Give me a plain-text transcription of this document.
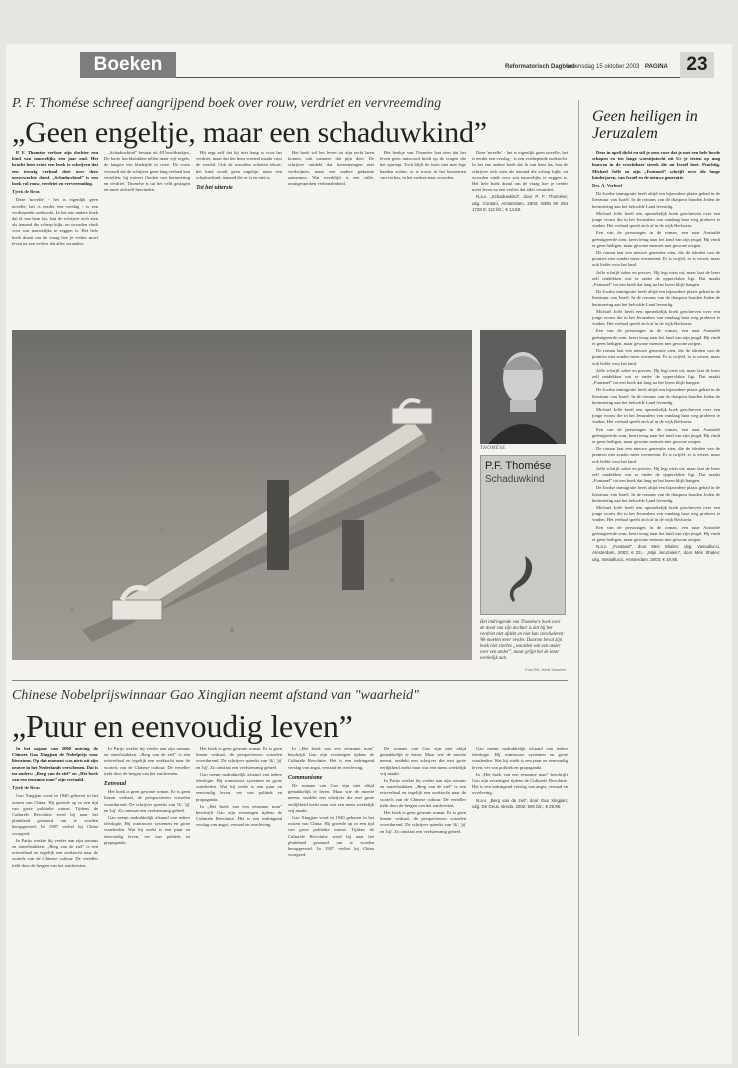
Boeken	Reformatorisch Dagblad
woensdag 15 oktober 2003 PAGINA 23
P. F. Thomése schreef aangrijpend boek over rouw, verdriet en vervreemding
„Geen engeltje, maar een schaduwkind”

P. F. Thomése verloor zijn dochter een kind van nauwelijks een jaar oud. Het bracht hem ertoe een boek te schrijven dat een treurig verhaal doet over deze onverwachte dood. „Schaduwkind” is een boek vol rouw, verdriet en vervreemding.

Tjerk de Reus

Deze 'novelle' - het is eigenlijk geen novelle, het is eerder een verslag - is een verdiepende zoektocht. In het ene andere boek dat ik van hem las, laat de schrijver zich zien als iemand die scherp kijkt, en woorden vindt voor wat nauwelijks te zeggen is. Het hele boek draait om de vraag hoe je verder moet leven na een verlies dat alles verandert.

„Schaduwkind” bestaat uit 49 hoofdstukjes. De korte hoofdstukken tellen maar vijf regels, de langste een bladzijde of twee. De vorm verraadt dat de schrijver geen lang verhaal kan vertellen; hij noteert flarden van herinnering en verdriet. Thomése is uit het veld geslagen en moet zichzelf hervinden.

Hij zegt zelf dat hij niet bang is voor het verdriet, maar dat het hem vreemd maakt voor de wereld. Ook de woorden schieten tekort: het kind wordt geen engeltje, maar een schaduwkind, iemand die er is en niet is.

Tot het uiterste

Het boek wil het leven tot zijn recht laten komen, ook wanneer dat pijn doet. De schrijver ontdekt dat herinneringen niet verdwijnen, maar een andere gedaante aannemen. Wat overblijft is een stille, onuitgesproken verbondenheid.

Het boekje van Thomése laat zien dat het leven geen antwoord biedt op de vragen die het oproept. Toch blijft de lezer niet met lege handen achter: er is troost in het benoemen van verlies, in het zoeken naar woorden.

Deze 'novelle' - het is eigenlijk geen novelle, het is eerder een verslag - is een verdiepende zoektocht. In het ene andere boek dat ik van hem las, laat de schrijver zich zien als iemand die scherp kijkt, en woorden vindt voor wat nauwelijks te zeggen is. Het hele boek draait om de vraag hoe je verder moet leven na een verlies dat alles verandert.

N.a.v. „Schaduwkind”, door P. F. Thomése; uitg. Contact, Amsterdam, 2003; ISBN 90 254 1728 0; 112 blz.; € 14,50.

THOMÉSE
P.F. Thomése
Schaduwkind
Het indringende van Thomése’s boek over de dood van zijn dochter is dat hij het verdriet niet afdekt en niet kan concluderen: We moeten weer verder. Daarom beval zijn boek niet slechts „woorden van een ander over een ander”, maar grijpt het de lezer werkelijk aan.
Foto RD, Henk Visscher
Geen heiligen in Jeruzalem

Deze in april dicht en stil je eens voor dat je met een hele horde schapen en ten lange woestijntocht uit Ur je testen op mag bouwen in de vruchtbare streek die nu Israël heet. Prachtig. Michael Joffe en zijn „Fontanel” schrijft over die lange kinderjaren, van Israël en de nieuwe generatie.

Drs. A. Verhoef

De Joodse immigratie heeft altijd een bijzondere plaats gehad in de literatuur van Israël. In de romans van de diaspora houden Joden de herinnering aan het beloofde Land levendig.

Michael Joffe heeft een opmerkelijk boek geschreven over een jonge vrouw die in het Jeruzalem van vandaag haar weg probeert te vinden. Het verhaal speelt zich af in de wijk Rechavia.

Een van de personages in de roman, een naar Australië geëmigreerde oom, keert terug naar het land van zijn jeugd. Hij vindt er geen heiligen, maar gewone mensen met gewone zorgen.

De roman laat een nieuwe generatie zien, die de idealen van de pioniers niet zonder meer overneemt. Er is twijfel, er is verzet, maar ook liefde voor het land.

Joffe schrijft sober en precies. Hij legt niets uit, maar laat de lezer zelf ontdekken wat er onder de oppervlakte ligt. Dat maakt „Fontanel” tot een boek dat lang na het lezen blijft hangen.

De Joodse immigratie heeft altijd een bijzondere plaats gehad in de literatuur van Israël. In de romans van de diaspora houden Joden de herinnering aan het beloofde Land levendig.

Michael Joffe heeft een opmerkelijk boek geschreven over een jonge vrouw die in het Jeruzalem van vandaag haar weg probeert te vinden. Het verhaal speelt zich af in de wijk Rechavia.

Een van de personages in de roman, een naar Australië geëmigreerde oom, keert terug naar het land van zijn jeugd. Hij vindt er geen heiligen, maar gewone mensen met gewone zorgen.

De roman laat een nieuwe generatie zien, die de idealen van de pioniers niet zonder meer overneemt. Er is twijfel, er is verzet, maar ook liefde voor het land.

Joffe schrijft sober en precies. Hij legt niets uit, maar laat de lezer zelf ontdekken wat er onder de oppervlakte ligt. Dat maakt „Fontanel” tot een boek dat lang na het lezen blijft hangen.

De Joodse immigratie heeft altijd een bijzondere plaats gehad in de literatuur van Israël. In de romans van de diaspora houden Joden de herinnering aan het beloofde Land levendig.

Michael Joffe heeft een opmerkelijk boek geschreven over een jonge vrouw die in het Jeruzalem van vandaag haar weg probeert te vinden. Het verhaal speelt zich af in de wijk Rechavia.

Een van de personages in de roman, een naar Australië geëmigreerde oom, keert terug naar het land van zijn jeugd. Hij vindt er geen heiligen, maar gewone mensen met gewone zorgen.

De roman laat een nieuwe generatie zien, die de idealen van de pioniers niet zonder meer overneemt. Er is twijfel, er is verzet, maar ook liefde voor het land.

Joffe schrijft sober en precies. Hij legt niets uit, maar laat de lezer zelf ontdekken wat er onder de oppervlakte ligt. Dat maakt „Fontanel” tot een boek dat lang na het lezen blijft hangen.

De Joodse immigratie heeft altijd een bijzondere plaats gehad in de literatuur van Israël. In de romans van de diaspora houden Joden de herinnering aan het beloofde Land levendig.

Michael Joffe heeft een opmerkelijk boek geschreven over een jonge vrouw die in het Jeruzalem van vandaag haar weg probeert te vinden. Het verhaal speelt zich af in de wijk Rechavia.

Een van de personages in de roman, een naar Australië geëmigreerde oom, keert terug naar het land van zijn jeugd. Hij vindt er geen heiligen, maar gewone mensen met gewone zorgen.

N.a.v. „Fontanel”, door Meir Shalev; uitg. Vassallucci, Amsterdam, 2003; € 23,-. „Mijn Jeruzalem”, door Meir Shalev; uitg. Vassallucci, Amsterdam, 2003; € 19,95.

Chinese Nobelprijswinnaar Gao Xingjian neemt afstand van "waarheid"
„Puur en eenvoudig leven”

In het najaar van 2000 ontving de Chinees Gao Xingjian de Nobelprijs voor literatuur. Op dat moment was niets uit zijn oeuvre in het Nederlands verschenen. Dat is nu anders: „Berg van de ziel” en „Het boek van een eenzame man” zijn vertaald.

Tjerk de Reus

Gao Xingjian werd in 1940 geboren in het oosten van China. Hij groeide op in een tijd van grote politieke onrust. Tijdens de Culturele Revolutie werd hij naar het platteland gestuurd om te worden heropgevoed. In 1987 verliet hij China voorgoed.

In Parijs werkte hij verder aan zijn romans en toneelstukken. „Berg van de ziel” is een reisverhaal en tegelijk een zoektocht naar de wortels van de Chinese cultuur. De verteller trekt door de bergen van het zuidwesten.

In Parijs werkte hij verder aan zijn romans en toneelstukken. „Berg van de ziel” is een reisverhaal en tegelijk een zoektocht naar de wortels van de Chinese cultuur. De verteller trekt door de bergen van het zuidwesten.

Eenvoud

Het boek is geen gewone roman. Er is geen lineair verhaal, de perspectieven wisselen voortdurend. De schrijver spreekt van 'ik', 'jij' en 'hij'. Zo ontstaat een veelstemmig geheel.

Gao neemt nadrukkelijk afstand van iedere ideologie. Hij wantrouwt systemen en grote waarheden. Wat hij zoekt is een puur en eenvoudig leven, ver van politiek en propaganda.

Het boek is geen gewone roman. Er is geen lineair verhaal, de perspectieven wisselen voortdurend. De schrijver spreekt van 'ik', 'jij' en 'hij'. Zo ontstaat een veelstemmig geheel.

Gao neemt nadrukkelijk afstand van iedere ideologie. Hij wantrouwt systemen en grote waarheden. Wat hij zoekt is een puur en eenvoudig leven, ver van politiek en propaganda.

In „Het boek van een eenzame man” beschrijft Gao zijn ervaringen tijdens de Culturele Revolutie. Het is een indringend verslag van angst, verraad en overleving.

In „Het boek van een eenzame man” beschrijft Gao zijn ervaringen tijdens de Culturele Revolutie. Het is een indringend verslag van angst, verraad en overleving.

Communisme

De romans van Gao zijn niet altijd gemakkelijk te lezen. Maar wie de moeite neemt, ontdekt een schrijver die met grote eerlijkheid zoekt naar wat een mens werkelijk vrij maakt.

Gao Xingjian werd in 1940 geboren in het oosten van China. Hij groeide op in een tijd van grote politieke onrust. Tijdens de Culturele Revolutie werd hij naar het platteland gestuurd om te worden heropgevoed. In 1987 verliet hij China voorgoed.

De romans van Gao zijn niet altijd gemakkelijk te lezen. Maar wie de moeite neemt, ontdekt een schrijver die met grote eerlijkheid zoekt naar wat een mens werkelijk vrij maakt.

In Parijs werkte hij verder aan zijn romans en toneelstukken. „Berg van de ziel” is een reisverhaal en tegelijk een zoektocht naar de wortels van de Chinese cultuur. De verteller trekt door de bergen van het zuidwesten.

Het boek is geen gewone roman. Er is geen lineair verhaal, de perspectieven wisselen voortdurend. De schrijver spreekt van 'ik', 'jij' en 'hij'. Zo ontstaat een veelstemmig geheel.

Gao neemt nadrukkelijk afstand van iedere ideologie. Hij wantrouwt systemen en grote waarheden. Wat hij zoekt is een puur en eenvoudig leven, ver van politiek en propaganda.

In „Het boek van een eenzame man” beschrijft Gao zijn ervaringen tijdens de Culturele Revolutie. Het is een indringend verslag van angst, verraad en overleving.

N.a.v. „Berg van de ziel”, door Gao Xingjian; uitg. De Geus, Breda, 2002; 590 blz.; € 29,95.
